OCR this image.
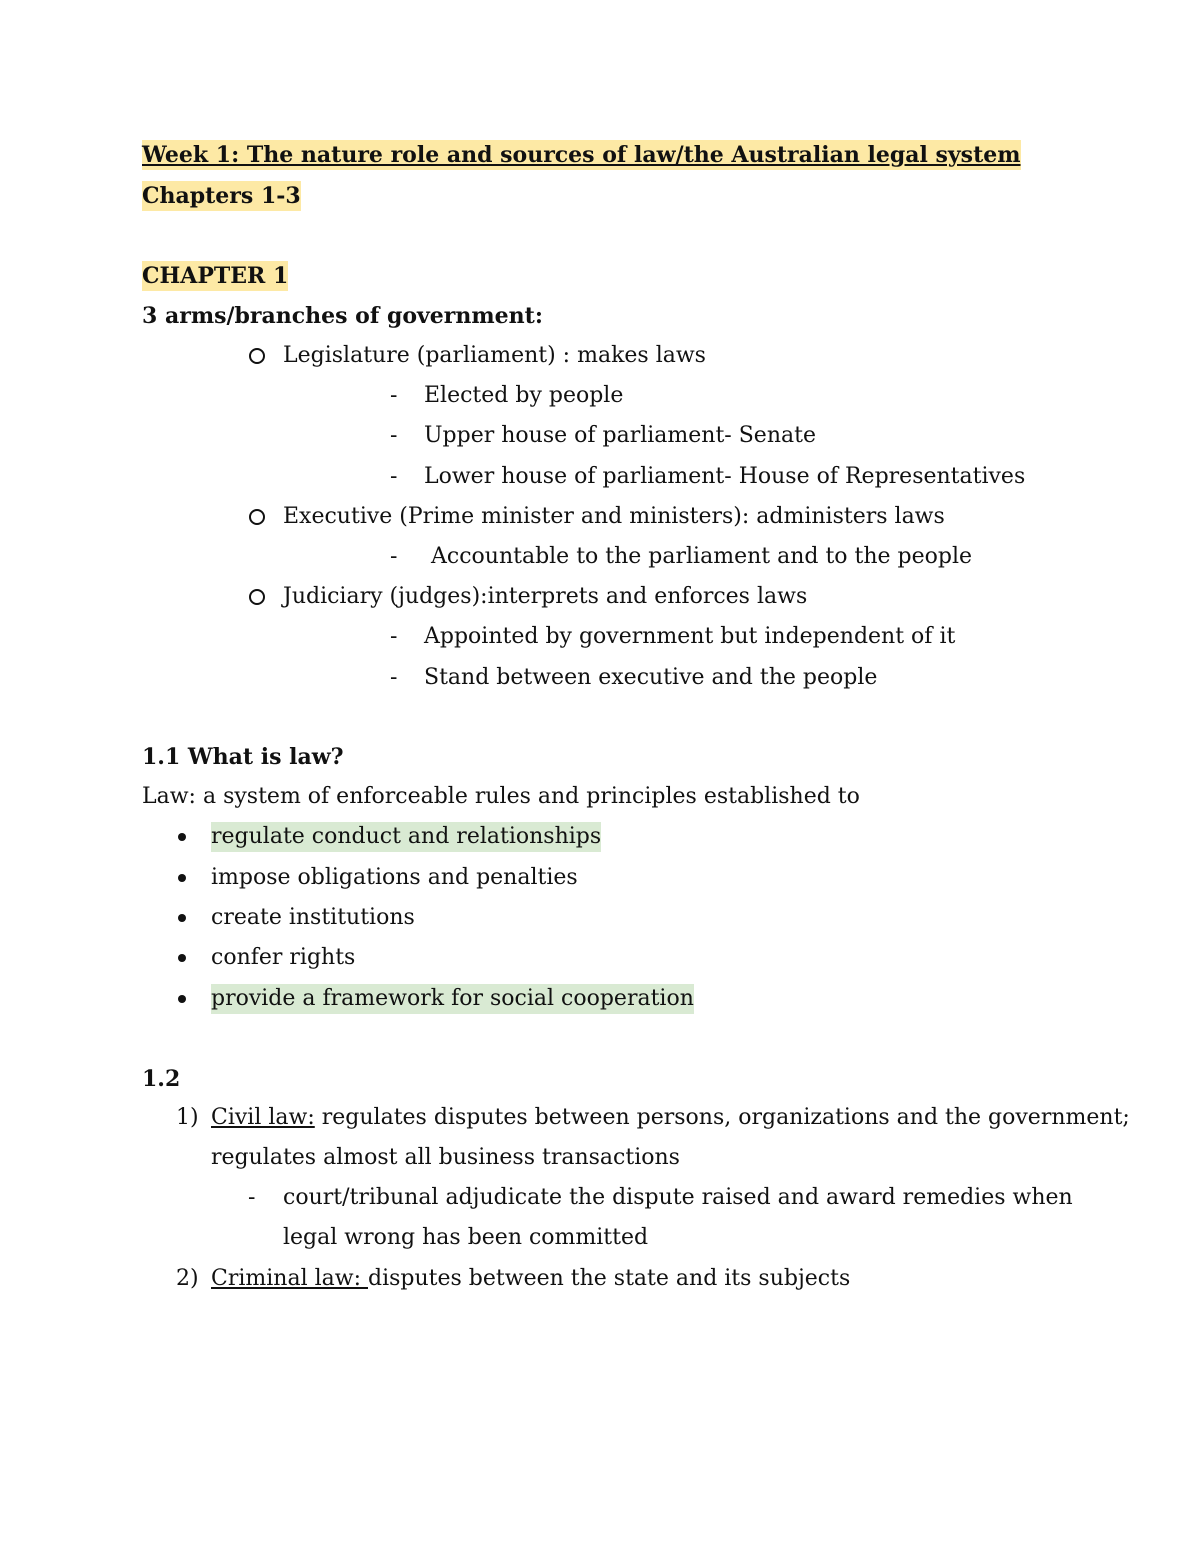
Week 1: The nature role and sources of law/the Australian legal system
Chapters 1-3
CHAPTER 1
3 arms/branches of government:
Legislature (parliament) : makes laws
- Elected by people
- Upper house of parliament- Senate
- Lower house of parliament- House of Representatives
Executive (Prime minister and ministers): administers laws
- Accountable to the parliament and to the people
Judiciary (judges):interprets and enforces laws
- Appointed by government but independent of it
- Stand between executive and the people
1.1 What is law?
Law: a system of enforceable rules and principles established to
regulate conduct and relationships
impose obligations and penalties
create institutions
confer rights
provide a framework for social cooperation
1.2
1) Civil law: regulates disputes between persons, organizations and the government;
regulates almost all business transactions
- court/tribunal adjudicate the dispute raised and award remedies when
legal wrong has been committed
2) Criminal law: disputes between the state and its subjects
